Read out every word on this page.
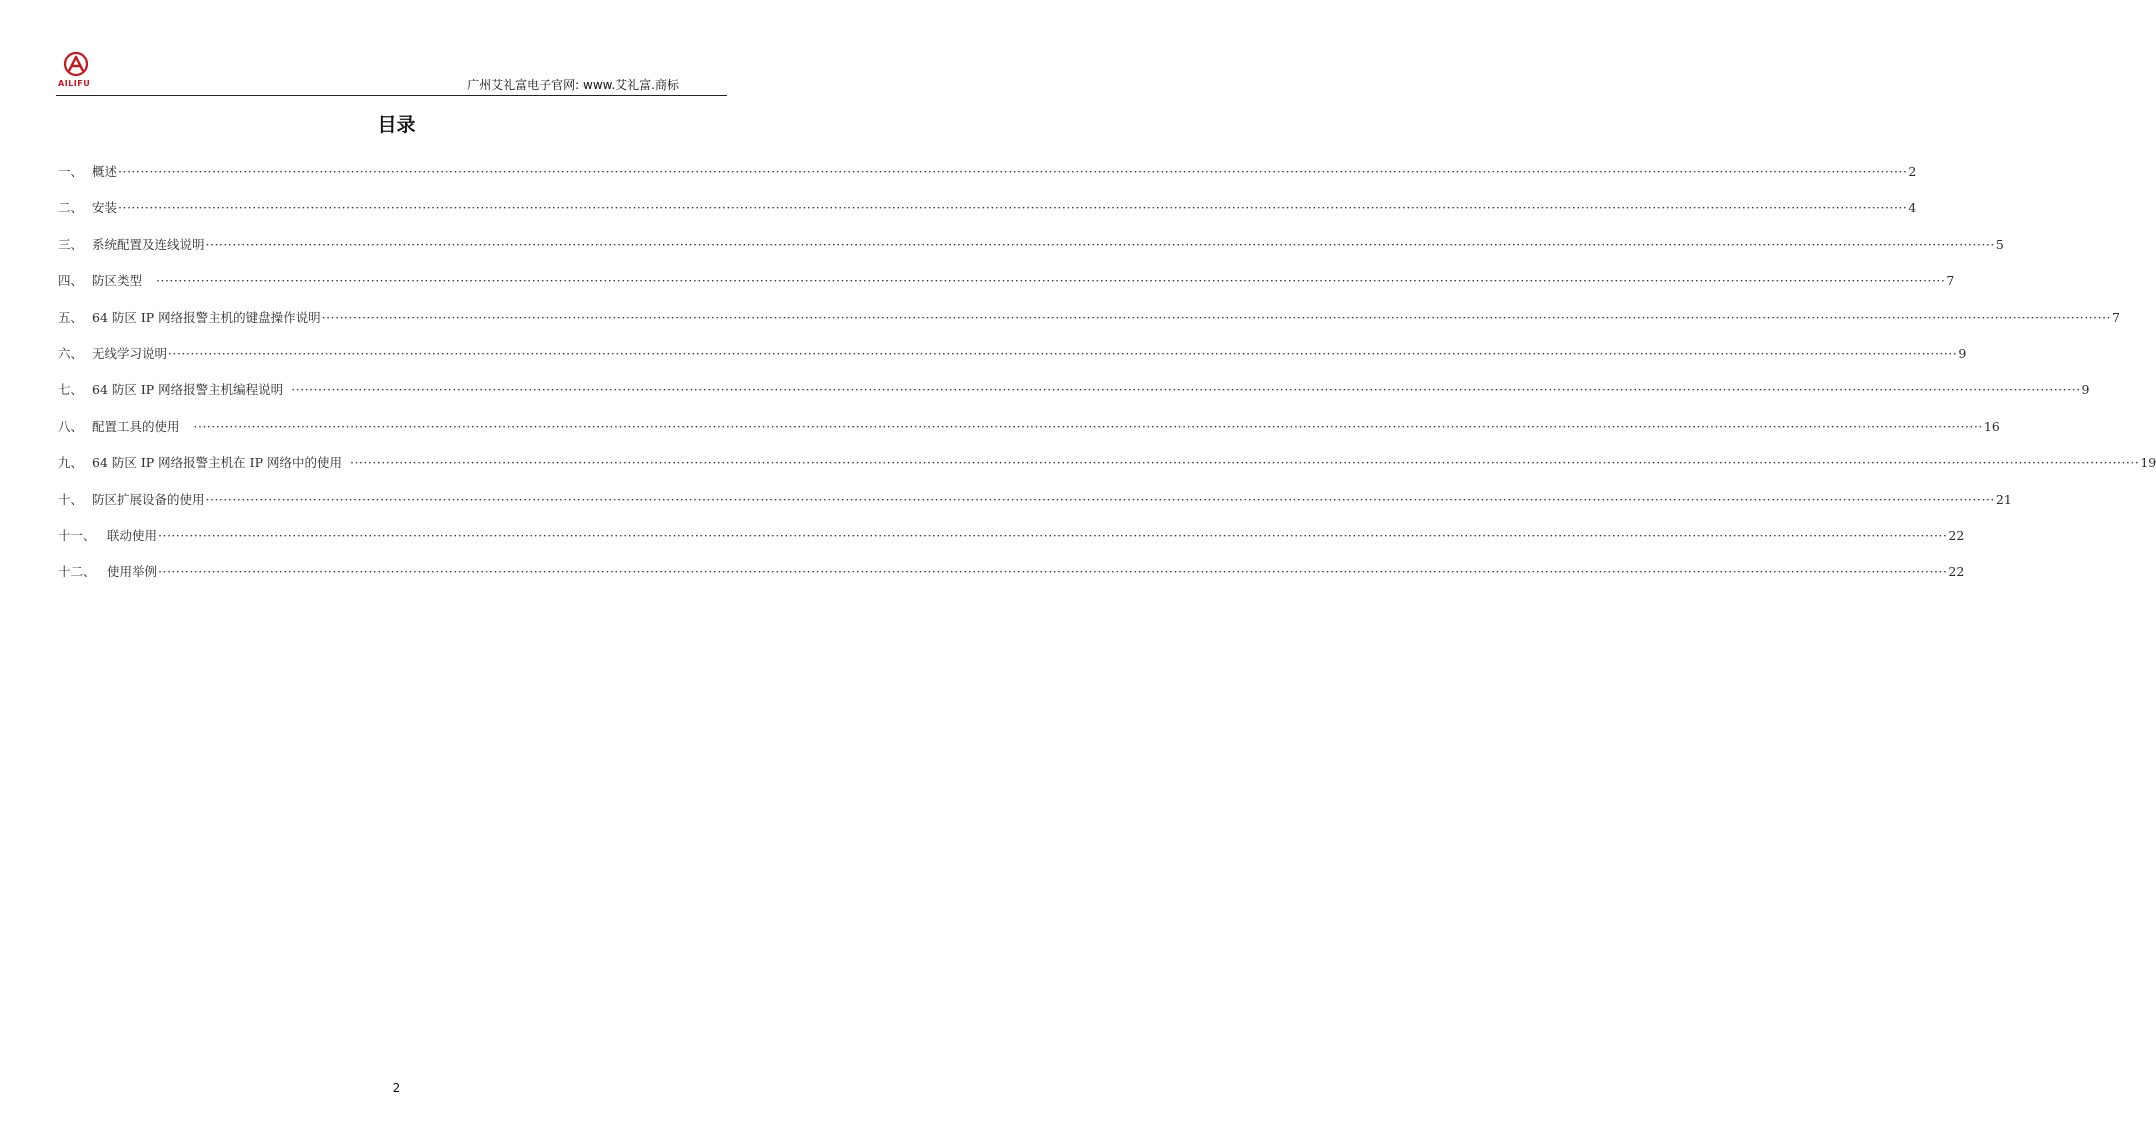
AILIFU	广州艾礼富电子官网: www.艾礼富.商标
目录
一、 概述 ················································································································································································································································································································································································································ 2
二、 安装 ················································································································································································································································································································································································································ 4
三、 系统配置及连线说明 ················································································································································································································································································································································································································ 5
四、 防区类型 ················································································································································································································································································································································································································ 7
五、 64 防区 IP 网络报警主机的键盘操作说明 ················································································································································································································································································································································································································ 7
六、 无线学习说明 ················································································································································································································································································································································································································ 9
七、 64 防区 IP 网络报警主机编程说明 ················································································································································································································································································································································································································ 9
八、 配置工具的使用 ················································································································································································································································································································································································································ 16
九、 64 防区 IP 网络报警主机在 IP 网络中的使用 ················································································································································································································································································································································································································ 19
十、 防区扩展设备的使用 ················································································································································································································································································································································································································ 21
十一、 联动使用 ················································································································································································································································································································································································································ 22
十二、 使用举例 ················································································································································································································································································································································································································ 22
2
